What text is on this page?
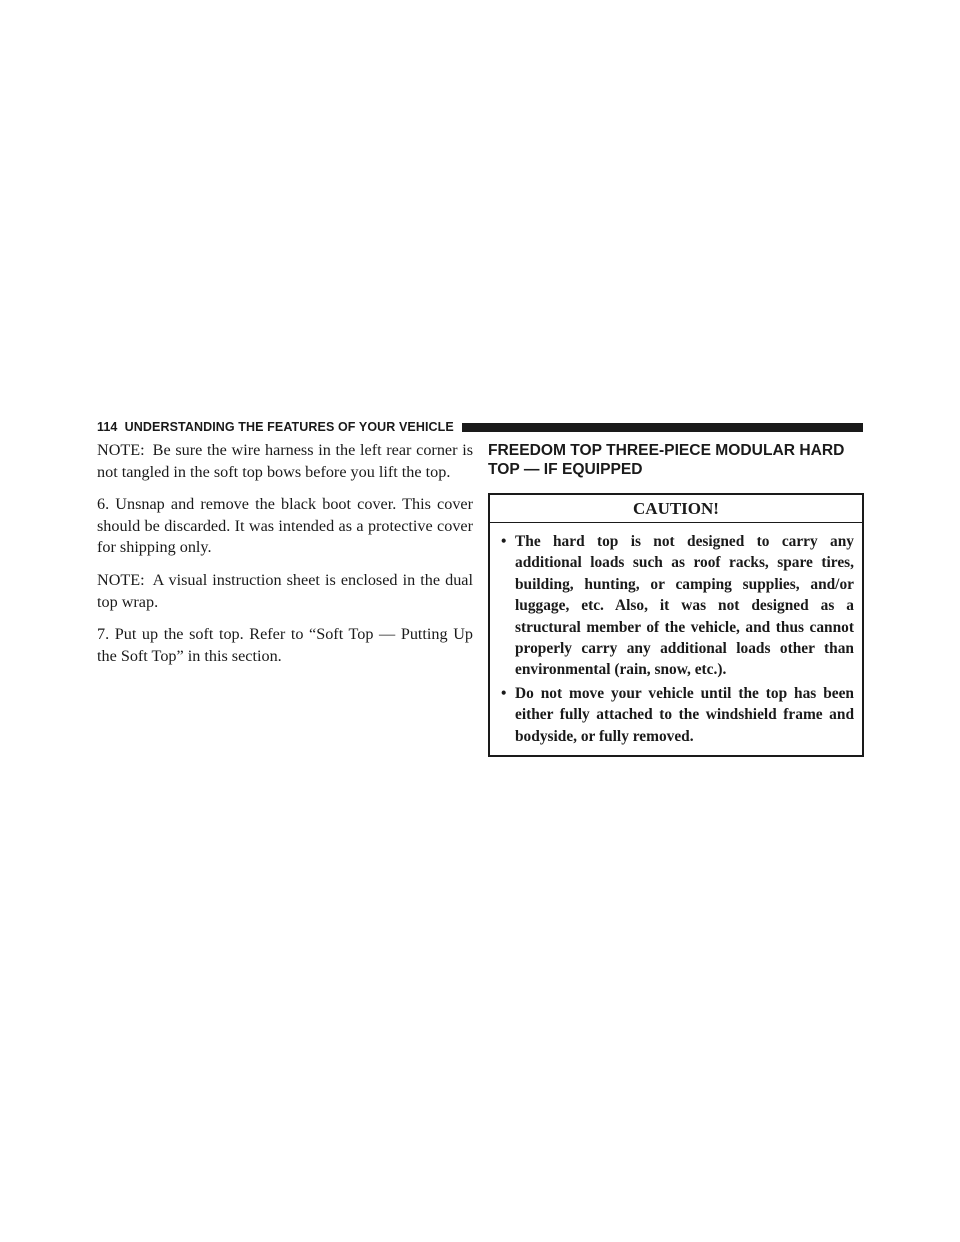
114 UNDERSTANDING THE FEATURES OF YOUR VEHICLE

NOTE: Be sure the wire harness in the left rear corner is not tangled in the soft top bows before you lift the top.

6. Unsnap and remove the black boot cover. This cover should be discarded. It was intended as a protective cover for shipping only.

NOTE: A visual instruction sheet is enclosed in the dual top wrap.

7. Put up the soft top. Refer to “Soft Top — Putting Up the Soft Top” in this section.

FREEDOM TOP THREE-PIECE MODULAR HARD TOP — IF EQUIPPED
CAUTION!
• The hard top is not designed to carry any additional loads such as roof racks, spare tires, building, hunting, or camping supplies, and/or luggage, etc. Also, it was not designed as a structural member of the vehicle, and thus cannot properly carry any additional loads other than environmental (rain, snow, etc.).
• Do not move your vehicle until the top has been either fully attached to the windshield frame and bodyside, or fully removed.
